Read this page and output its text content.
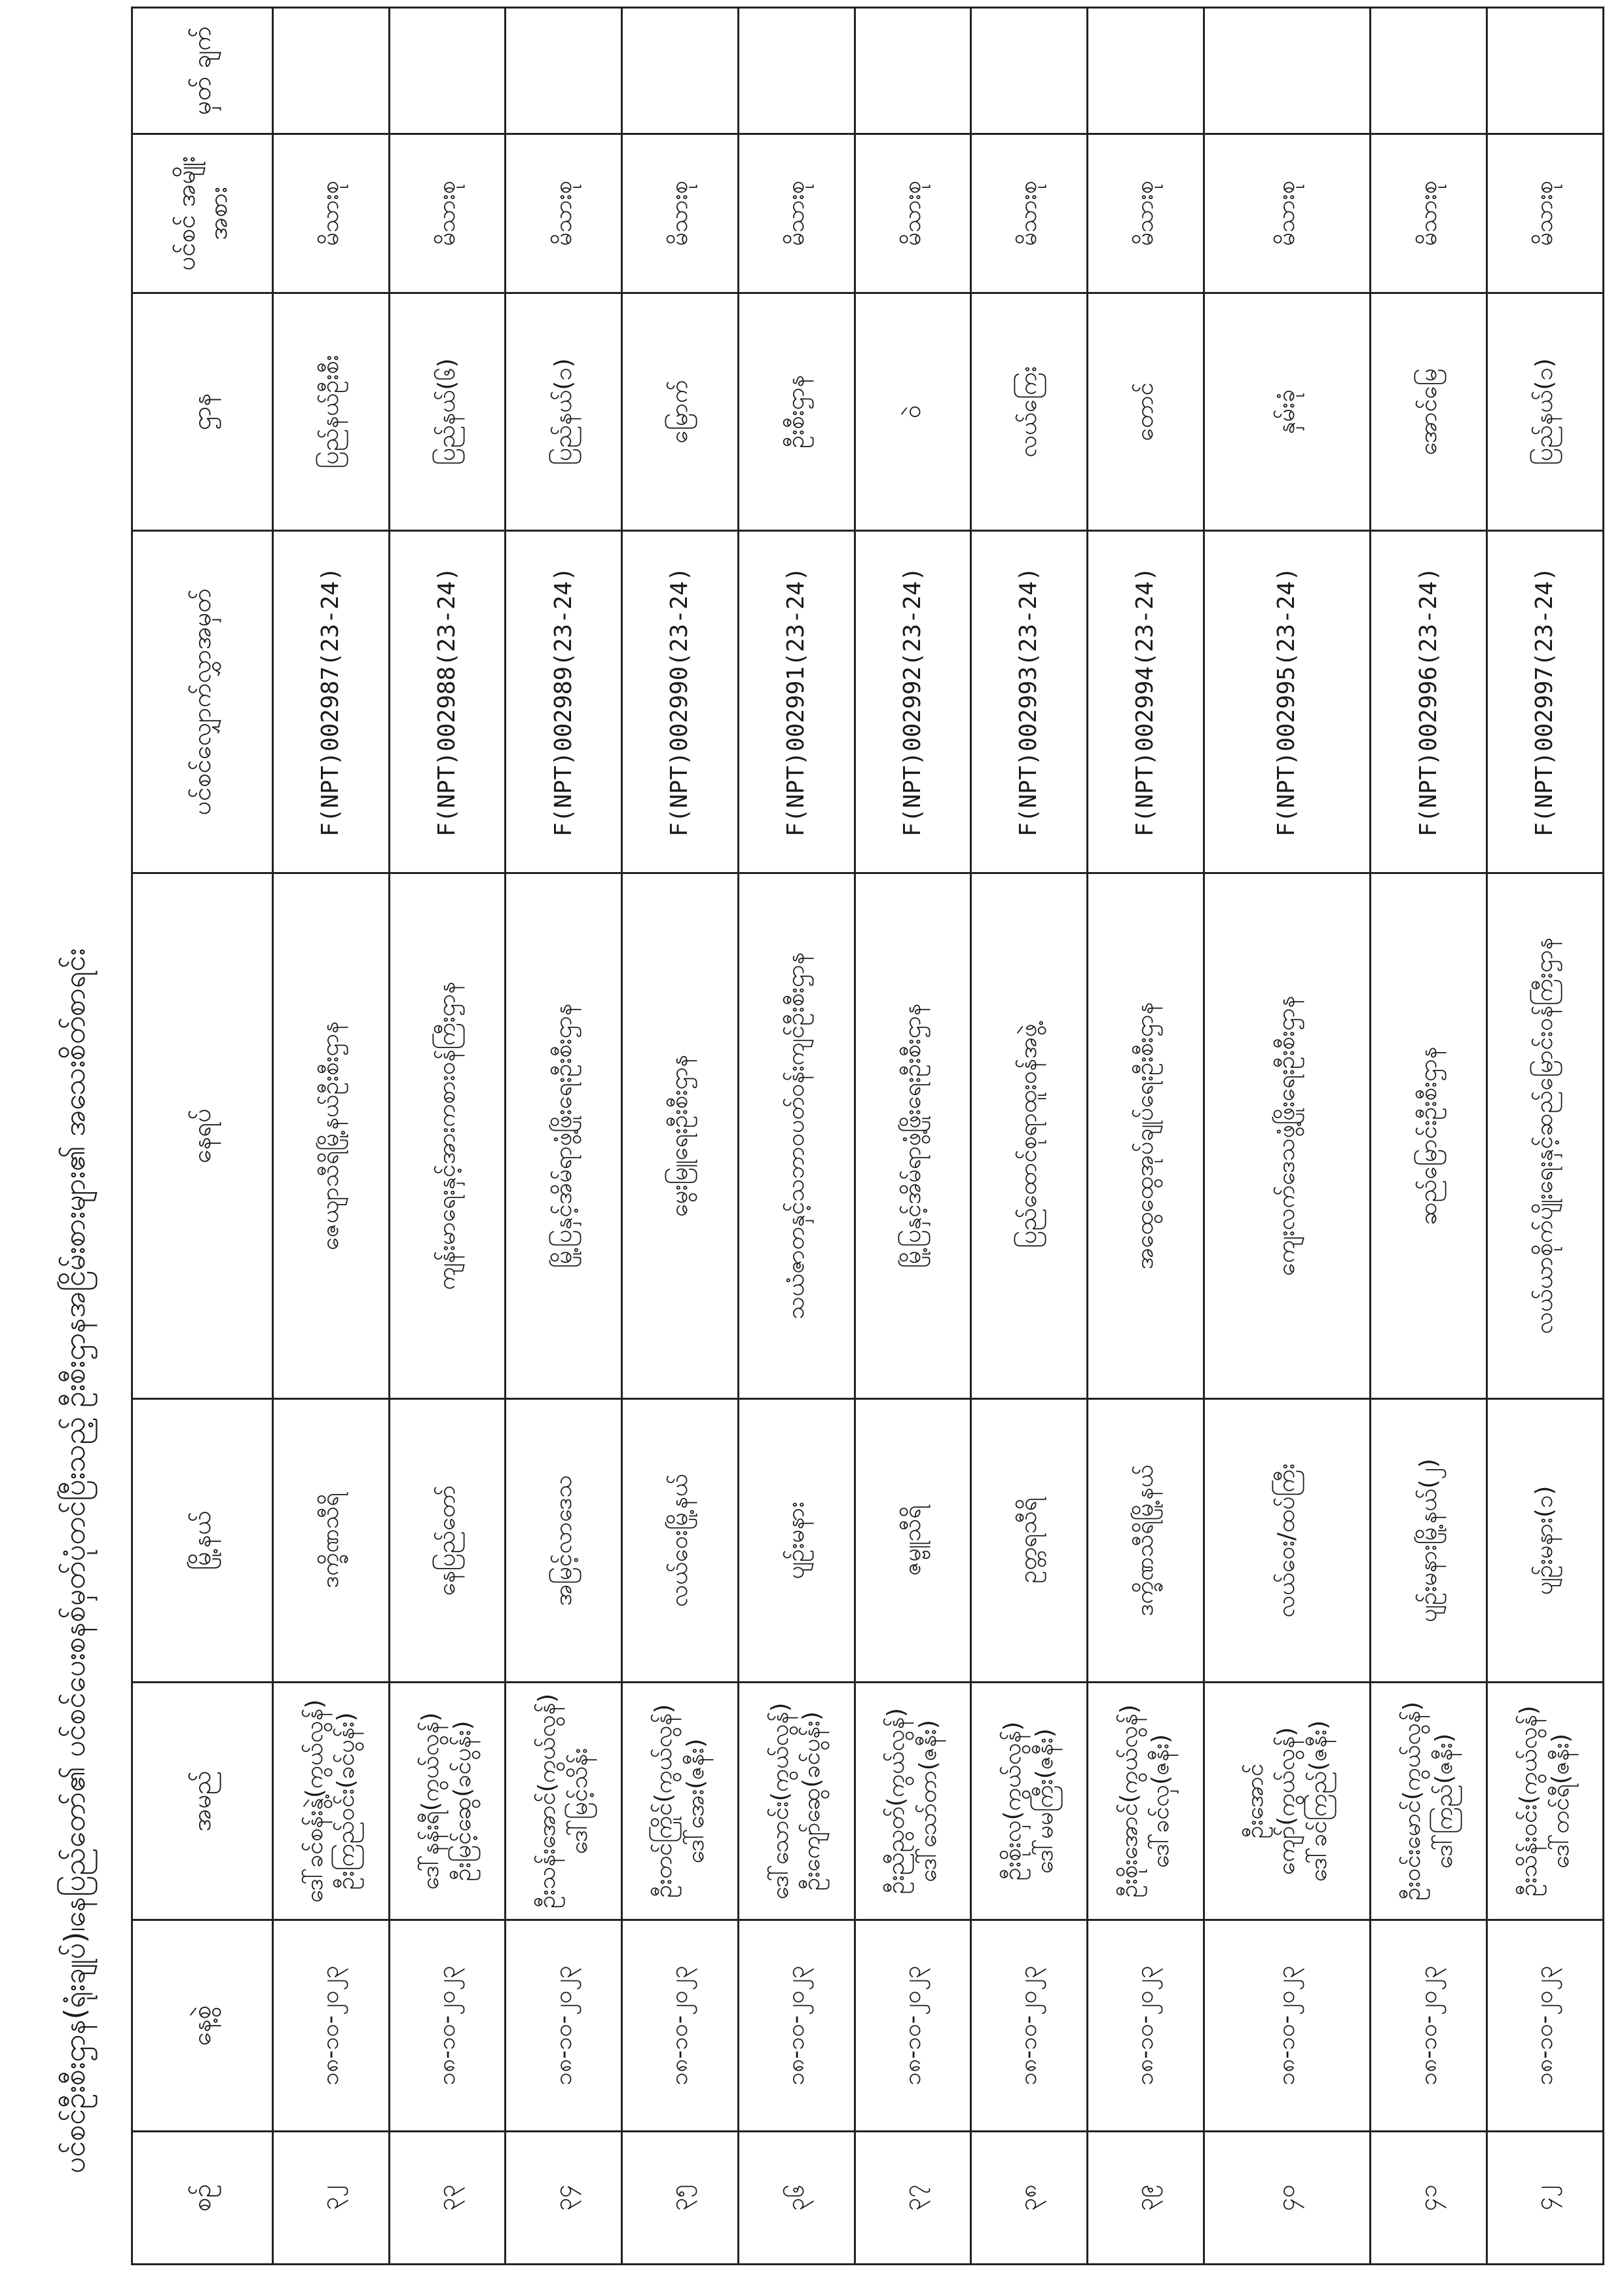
ပင်စင်ဦးစီးဌာန(ရုံးချုပ်)၊နေပြည်တော်၏ ပင်စင်ပေးစနစ်မှတ်ပုံတင်ပြီးသည့် ဦးစီးဌာနအငြိမ်းစားများ၏ အသေးစိတ်စာရင်း
စဉ်	နေ့စွဲ	အမည်	မြို့နယ်	နေရပ်	ပင်စင်လျှောက်လွှာအမှတ်	ဌာန	ပင်စင် အမျိုးအစား	မှတ် ချက်
၃၂	၁၈-၁၀-၂၀၂၃	ဒေါ်ခင်စန်းနွဲ့(ကွယ်လွန်) ဦးကြည်ဝင်း(ခင်ပွန်း)	ဒက္ခိဏသီရိ	ဇေယျာသီရိမြို့နယ်ဦးစီးဌာန	F(NPT)002987(23-24)	ပြည်နယ်ဦးစီး	မိသားစု	
၃၃	၁၈-၁၀-၂၀၂၃	ဒေါ်နန်းရီ(ကွယ်လွန်) ဦးမြင့်ဆွေ(ခင်ပွန်း)	နေပြည်တော်	ကျန်းမာရေးနှင့်အားကစားဝန်ကြီးဌာန	F(NPT)002988(23-24)	ပြည်နယ်(၆)	မိသားစု	
၃၄	၁၈-၁၀-၂၀၂၃	ဦးသန်းအောင်(ကွယ်လွန်) ဒေါ်မြင့်သိန်း	အမြင့်လာဒေသ	မြို့ပြနှင့်အိမ်ရာဖွံ့ဖြိုးရေးဦးစီးဌာန	F(NPT)002989(23-24)	ပြည်နယ်(၁)	မိသားစု	
၃၅	၁၈-၁၀-၂၀၂၃	ဦးတင်ကြိုင်(ကွယ်လွန်) ဒေါ်အေး(ဇနီး)	လယ်ဝေးမြို့နယ်	မွေးမြူရေးဦးစီးဌာန	F(NPT)002990(23-24)	မြောက်	မိသားစု	
၃၆	၁၈-၁၀-၂၀၂၃	ဒေါ်သောင်း(ကွယ်လွန်) ဦးကျော်ဆွေ(ခင်ပွန်း)	ပျဉ်းမနား	သယံဇာတနှင့်သဘာဝပတ်ဝန်းကျင်ဦးစီးဌာန	F(NPT)002991(23-24)	ဦးစီးဌာန	မိသားစု	
၃၇	၁၈-၁၀-၂၀၂၃	ဦးညီညွတ်(ကွယ်လွန်) ဒေါ်သော်တာ(ဇနီး)	ဇမ္ဗူသီရိ	မြို့ပြနှင့်အိမ်ရာဖွံ့ဖြိုးရေးဦးစီးဌာန	F(NPT)002992(23-24)	ဝဲ	မိသားစု	
၃၈	၁၈-၁၀-၂၀၂၃	ဦးစိုးလှ(ကွယ်လွန်) ဒေါ်မမကြီး(ဇနီး)	ဥတ္တရသီရိ	ပြည်ထောင်စုရာထူးဝန်အဖွဲ့	F(NPT)002993(23-24)	လယ်ကြေး	မိသားစု	
၃၉	၁၈-၁၀-၂၀၂၃	ဦးစိုးအောင်(ကွယ်လွန်) ဒေါ်ခင်လှ(ဇနီး)	ဒက္ခိဏသီရိမြို့နယ်	အထွေထွေအုပ်ချုပ်ရေးဦးစီးဌာန	F(NPT)002994(23-24)	တောင်	မိသားစု	
၄၀	၁၈-၁၀-၂၀၂၃	ဦးအောင်ကျော်(ကွယ်လွန်) ဒေါ်ခင်ကြည်(ဇနီး)	လယ်ဝေး/ထပ်ကြီး	ကျေးလက်ဒေသဖွံ့ဖြိုးရေးဦးစီးဌာန	F(NPT)002995(23-24)	နှမ်းခုံ	မိသားစု	
၄၁	၁၈-၁၀-၂၀၂၃	ဦးဝင်းမောင်(ကွယ်လွန်) ဒေါ်ကြည်(ဇနီး)	ပျဉ်းမနားမြို့နယ်(၂)	ဆည်မြောင်းဦးစီးဌာန	F(NPT)002996(23-24)	အောင်မြေ	မိသားစု	
၄၂	၁၈-၁၀-၂၀၂၃	ဦးသိန်းဝင်း(ကွယ်လွန်) ဒေါ်တင်ရီ(ဇနီး)	ပျဉ်းမနား(၁)	လယ်ယာစိုက်ပျိုးရေးနှင့်ဆည်မြောင်းဝန်ကြီးဌာန	F(NPT)002997(23-24)	ပြည်နယ်(၁)	မိသားစု	
